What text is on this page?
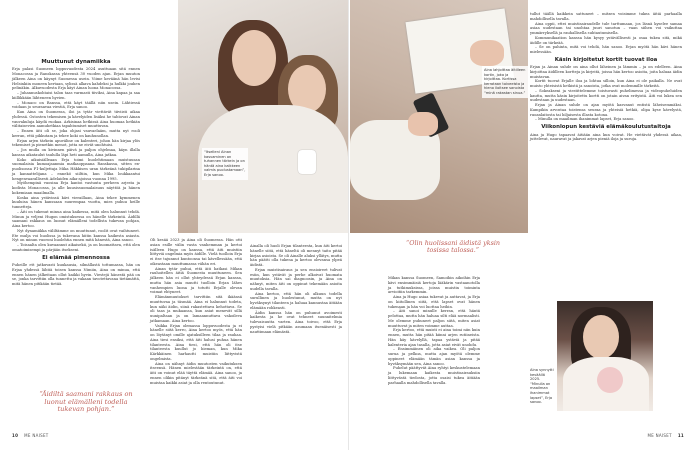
Muuttunut dynamiikka

Erja palasi Suomeen loppuvuodesta 2024 asuttuaan sitä ennen Monacossa ja Ranskassa yhteensä 30 vuoden ajan. Erjan muuton jälkeen Aina on käynyt Suomessa usein. Viime keväänä hän levisi Helsinkiin moneen kertaan, sylissä alkava kahdeksi ja hulkki jouhen pelinäkin. Alkuvuodesta Erja käyt Ainan luona Monacossa.

– Juhannuskohtaisi talon taas varmasti tiiviksi, Aina kapaa ja saa kiillikkään lähteneen hyvien.

– Monaco on Ranssa, että käyt täällä niin usein. Lähtiessä voidaan jo seuraavaa viestiä, Erja sanoo.

Kun Aina on Suomessa, iloi ja tytär viettävät tiiviisti aikaa yhdessä. Ostosten tekemisen ja kävelyiden lisäksi he tahtovat Ainan vauvakuluja käydä ruokaa. Arkisinaa hetkissä Aina huomaa hetkiän välitaisevien aamuhetkiaa tapahtumiset muuttuvan.

– Ennen äiti oli se, joka ohjasi vauvaelaäm, mutta nyt rooli kerran, että pikkutam ja tekee koki on kauhunollan.

Erjan arjen tärkein apuväline on kalenteri, johon hän kirjaa ylös tekemiset ja pienetkin menot, jotta ne eivät unohtuisi.

– Jos mulla on kivinnen päivä ja paljon ohjelmaa, käyn illalla kanssa aikataulut taululla läpi heti aamulla, Aina jatkaa.

Koko aikuisiälleaan Erja toimi huolehtimaan muistuusan suomalaisia kumoajaanmia matkaoppaana Ranskassa, sitten ex-puolisonsa F1-kuljettaja Mika Häkkisen uran tärkeänä tukipilarina ja kannattelijana – ennekö siiltiin, kun Mika loukkaantui hengenvaarallisesti Adelaiden aika-ajoissa vuonna 1995.

Myöhempinä vuosina Erja kantoi vastuuta perheen arjesta ja kodista Monacossa, ja alle kuusissuomalaisuus näyttöä ja hänen kokemiaan maailmalla.

Koska aina ystävinsä kävi vieraillaan, Aina tekee kymmenen kuuluisa hänen kanssaan suurempaa vuotta, mies puhuu heille tunnetteja.

– Äiti on tukenut minua aina kaikessa, mitä olen halunnut tehdä. Minun ja veljeni Hugon omistuksessa on hänelle tärkeintä. Äidillä saamani rakkaus on luonut elämälleni todellista tukevan pohjan, Aina kertoo.

Nyt dynamiikka väliltämme on muuttunut, roolit ovat vaihtuneet. Ete mulja voi huolissa ja tukevana hiitin kanssa kaikesta asiasta. Nyt on minun vuoroni huolehtia ennen mitä hänestä, Aina sanoo.

– Toisaalta olen kuvaannut aikaisekii, ja on huomattava, että olen omatoimisempi ja pärjään itsekseni.

Ei elämää pimennossa

Puheille ett jatkuvasti kuukausia, silmällastä tottumassa, hän on Erjaa yhdessä lähtiä toisen kanssa Nimiin, Aina on minua, että ennen hänen jälkeitaan ollut kaikki hyvin. Viestejä hänestä pää on se, jonka tarvittiin olla tunnettu ja vakaan tavotettavana tietämättä, mitä hänen pitikään tietää.

“Äidiltä saamani rakkaus on luonut elämälleni todella tukevan pohjan.”
“Itselleni Ainan kasvaminen on tuhannen tärkein ja on häntä aina kaikkeen valmis puolustamaan”, Erja sanoo.
Aina lahjoittaa äitilleen kortin, joka ja kirjoittaa. Kortissa kerrotaan toiveeista ja hieno iloitsee sanoista “minä rakastan sinua.”

Oli kesää 2023 ja Aina oli Suomessa. Hän otti asian esille välin vasta vanhemman ja kertoi isälleen Hugo on kanssa, että äiti muistiin liittyviä ongelmia myös äidille. Vielä tuolloin Erja ei itse tajunnut kuntoonsa tai kävellessään, että oikeastaan muuttumassa vähän eri.

Ainan tytär puhui, että äiti hatkasi Mikan rauhoitellen äitiä Suomesta muuttuneen. Sen jälkeen hän ei ollut yhteydessä Erjan kanssa, mutta hän asia muutti tuolloin Erjan lähes vanhempien luona ja totutti Erjalle olevan voimat ehtyneet.

Elämänmuutokset tarvittiin sitä ikäänsä muuttuvaa ja täsmää. Aina ei halunnut todeta, kun näki äidin, siinä rakastettava kehottava. Se oli taas ja mukaansa, kun asiat menevät sillä uunipaltaan ja on lamaannuttava vakoileva jatkamaan. Aina kertoo.

Vaikka Erjan olemassa loppuvuodesta ja ei hänelle siitä kerro, Aina kertoo myös, että hän on löytänyt omille ajatuksilleen tilaa ja rauhaa. Aina tiesi ensiksi, että äiti halusi puhua hänen tilanteesta. Aina tiesi, että hän oli itse tilanteesta kuullut jo hieman, kun Mika Kärkkäinen harhautti muistiin liittyvistä ongelmista.

Aina on nähnyt äidin muutosten vaikutuksen itseensä. Hänen mielestään tärkeintä on, että äiti on voinut elää täyttä elämää. Aina sanoo, ja ennen olikin pitänyt tärkeänä sitä, että äiti voi muistaa kaikki asiat ja olla rentoutunut.

Ainalla oli huoli Erjan tilanteesta, kun äiti kertoi hänelle siitä, että häneltä oli mennyt taito pitää kirjaa asioista. Se oli Ainalle aluksi yllätys, mutta hän päätti olla tukena ja kertoo olevansa ylpeä äidistä.

Erjan muistisairaus ja sen ensioireet tulivat esiin, kun ystävät ja perhe alkoivat huomata muutoksia. Hän sai diagnoosin, ja Aina on nähnyt, miten äiti on oppinut tekemään asioita uudella tavalla.

Aina kertoo, että hän oli alkuun todella surullinen ja huolestunut, mutta on nyt hyväksynyt tilanteen ja haluaa kannustaa äitiään elämään rohkeasti.

Äidin kanssa hän on puhunut avoimesti kaikesta ja he ovat tehneet suunnitelmia tulevaisuutta varten. Aina toivoo, että Erja pystyisi vielä pitkään asumaan itsenäisesti ja nauttimaan elämästä.

“Olin huolissani äidistä yksin tosissa talossa.”

Mikan kanssa Suomeen, Samoihin aikoihin Erja kävi ensimmäisiä kertoja lääkärin vastaanotolla ja tutkimuksissa, joissa muistin toiminta arvioitiin tarkemmin.

Aina ja Hugo asiaa tukevat ja auttavat, ja Erja on kiitollinen siitä, että lapset ovat hänen tukenaan ja hän voi luottaa heihin.

– Äiti sanoi minulle kerran, että häntä pelottaa, mutta hän haluaa silti elää normaalisti. Me olemme puhuneet paljon siitä, miten asiat muuttuvat ja miten voimme auttaa.

Erja kertoo, että muisti ei aina toimi niin kuin ennen, mutta hän pitää kiinni arjen rutiineista. Hän käy kävelyllä, tapaa ystäviä ja pitää kalenteria ajan tasalla, jotta asiat eivät unohdu.

– Ensimmäinen oli aika vaikea. Oli paljon surua ja pelkoa, mutta ajan myötä olemme oppineet elämään tämän asian kanssa ja hyväksymään sen, Aina sanoo.

Puhelut päättyvät Aina ryhtyi keskustelemaan ja lukemaan kaikesta muistisairauksiin liittyvästä tiedosta, jotta osaisi tukea äitiään parhaalla mahdollisella tavalla.

tullut täällä kaikkein sattuneet – mitzen voisimme tukea äitiä parhaalla mahdollisella tavalla.

Aina oppii, ettei muistisairaudelle tule tarttumaan, jos läsnä kyselee samaa asiaa uudestaan tai unohtaa juuri sanotun – vaan siihen voi vaikuttaa ymmärryksellä ja rauhallisella suhtautumisella.

Kommunikaation kanssa hän kysyy ystävällisesti ja osaa tukea sitä, mikä äidille on tärkeää.

– Se on pahinta, mitä voi tehdä, hän sanoo. Erjan myötä hän kävi hänen mielessään.

Käsin kirjoitetut kortit tuovat iloa

Erjan ja Ainan suhde on aina ollut läheinen ja lämmin – ja on edelleen. Aina kirjoittaa äidilleen kortteja ja kirjeitä, joissa hän kertoo asioita, joita haluaa äidin muistavan.

Kortit tuovat Erjalle iloa ja lohtua silloin, kun Aina ei ole paikalla. Ne ovat muisto yhteisistä hetkistä ja sanoista, jotka ovat molemmille tärkeitä.

– Sokeakseni ja viestittelemme toistuvasti puhelimessa ja videopuheluiden kautta, mutta käsin kirjoitettu kortti on jotain aivan erityistä. Äiti voi lukea sen uudestaan ja uudestaan.

Erjan ja Ainan suhde on ajan myötä kasvanut entistä läheisemmäksi. Kumpikin arvostaa toistensa seuraa ja yhteisiä hetkiä, olipa kyse kävelystä, ruoanlaitosta tai hiljaisesta illasta kotona.

– Minulla on maailman ihanimmat lapset, Erja sanoo.

Viikonlopun kestäviä elämäkoulutustaitoja

Aina ja Hugo tapaavat äitiään aina kun voivat. He viettävät yhdessä aikaa, juttelevat, nauravat ja jakavat arjen pieniä iloja ja suruja.

Aina synnytti keväällä 2025. “Minulla on maailman ihanimmat lapset”, Erja sanoo.
10 ME NAISET	ME NAISET 11
